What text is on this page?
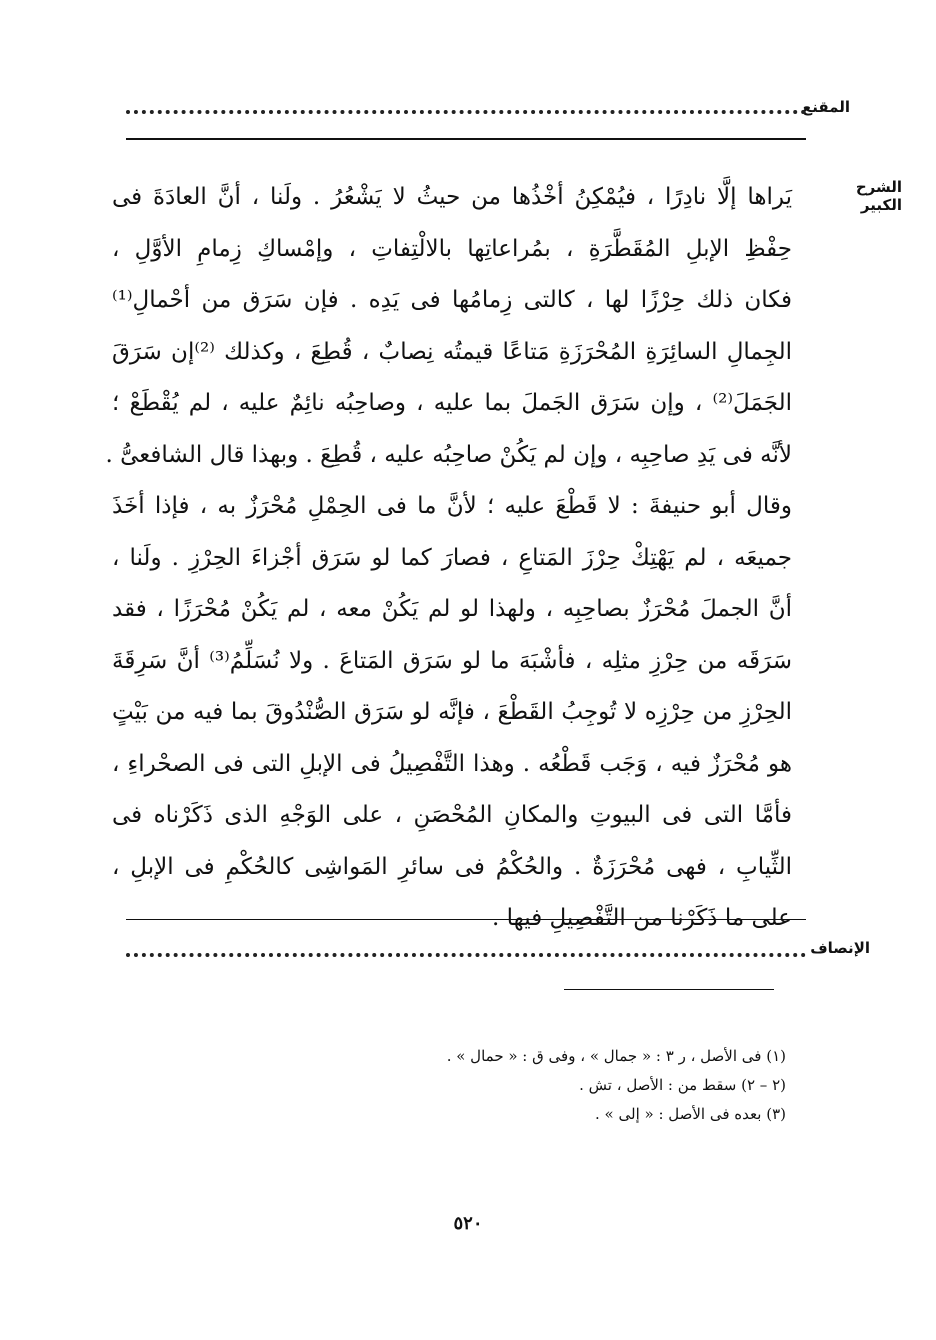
المقنع
الشرح الكبير
يَراها إلَّا نادِرًا ، فيُمْكِنُ أخْذُها من حيثُ لا يَشْعُرُ . ولَنا ، أنَّ العادَةَ فى
حِفْظِ الإبلِ المُقَطَّرَةِ ، بمُراعاتِها بالالْتِفاتِ ، وإمْساكِ زِمامِ الأوَّلِ ،
فكان ذلك حِرْزًا لها ، كالتى زِمامُها فى يَدِه . فإن سَرَق من أحْمالِ⁽¹⁾
الجِمالِ السائِرَةِ المُحْرَزَةِ مَتاعًا قيمتُه نِصابٌ ، قُطِعَ ، وكذلك ⁽²⁾إن سَرَقَ
الجَمَلَ⁽²⁾ ، وإن سَرَق الجَملَ بما عليه ، وصاحِبُه نائِمٌ عليه ، لم يُقْطَعْ ؛
لأنَّه فى يَدِ صاحِبِه ، وإن لم يَكُنْ صاحِبُه عليه ، قُطِعَ . وبهذا قال الشافعىُّ .
وقال أبو حنيفةَ : لا قَطْعَ عليه ؛ لأنَّ ما فى الحِمْلِ مُحْرَزٌ به ، فإذا أخَذَ
جميعَه ، لم يَهْتِكْ حِرْزَ المَتاعِ ، فصارَ كما لو سَرَق أجْزاءَ الحِرْزِ . ولَنا ،
أنَّ الجملَ مُحْرَزٌ بصاحِبِه ، ولهذا لو لم يَكُنْ معه ، لم يَكُنْ مُحْرَزًا ، فقد
سَرَقَه من حِرْزِ مثلِه ، فأشْبَهَ ما لو سَرَق المَتاعَ . ولا نُسَلِّمُ⁽³⁾ أنَّ سَرِقَةَ
الحِرْزِ من حِرْزِه لا تُوجِبُ القَطْعَ ، فإنَّه لو سَرَق الصُّنْدُوقَ بما فيه من بَيْتٍ
هو مُحْرَزٌ فيه ، وَجَب قَطْعُه . وهذا التَّفْصِيلُ فى الإبلِ التى فى الصحْراءِ ،
فأمَّا التى فى البيوتِ والمكانِ المُحْصَنِ ، على الوَجْهِ الذى ذَكَرْناه فى
الثِّيابِ ، فهى مُحْرَزَةٌ . والحُكْمُ فى سائرِ المَواشِى كالحُكْمِ فى الإبلِ ،
على ما ذَكَرْنا من التَّفْصِيلِ فيها .
الإنصاف
(١) فى الأصل ، ر ٣ : « جمال » ، وفى ق : « حمال » .
(٢ – ٢) سقط من : الأصل ، تش .
(٣) بعده فى الأصل : « إلى » .
٥٢٠
